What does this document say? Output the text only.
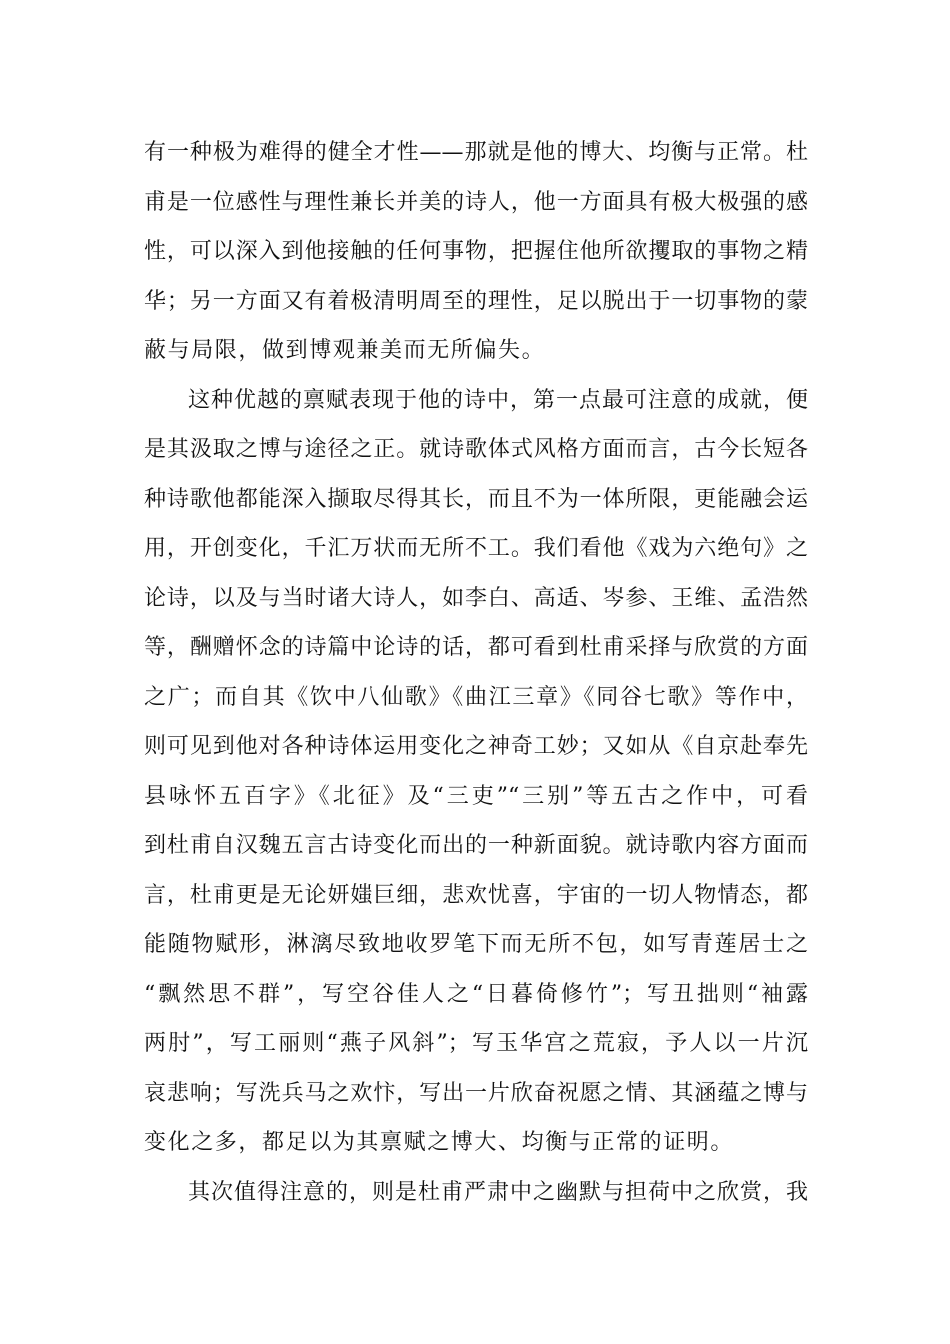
有一种极为难得的健全才性——那就是他的博大、均衡与正常。杜
甫是一位感性与理性兼长并美的诗人，他一方面具有极大极强的感
性，可以深入到他接触的任何事物，把握住他所欲攫取的事物之精
华；另一方面又有着极清明周至的理性，足以脱出于一切事物的蒙
蔽与局限，做到博观兼美而无所偏失。
这种优越的禀赋表现于他的诗中，第一点最可注意的成就，便
是其汲取之博与途径之正。就诗歌体式风格方面而言，古今长短各
种诗歌他都能深入撷取尽得其长，而且不为一体所限，更能融会运
用，开创变化，千汇万状而无所不工。我们看他《戏为六绝句》之
论诗，以及与当时诸大诗人，如李白、高适、岑参、王维、孟浩然
等，酬赠怀念的诗篇中论诗的话，都可看到杜甫采择与欣赏的方面
之广；而自其《饮中八仙歌》《曲江三章》《同谷七歌》等作中，
则可见到他对各种诗体运用变化之神奇工妙；又如从《自京赴奉先
县咏怀五百字》《北征》及“三吏”“三别”等五古之作中，可看
到杜甫自汉魏五言古诗变化而出的一种新面貌。就诗歌内容方面而
言，杜甫更是无论妍媸巨细，悲欢忧喜，宇宙的一切人物情态，都
能随物赋形，淋漓尽致地收罗笔下而无所不包，如写青莲居士之
“飘然思不群”，写空谷佳人之“日暮倚修竹”；写丑拙则“袖露
两肘”，写工丽则“燕子风斜”；写玉华宫之荒寂，予人以一片沉
哀悲响；写洗兵马之欢忭，写出一片欣奋祝愿之情、其涵蕴之博与
变化之多，都足以为其禀赋之博大、均衡与正常的证明。
其次值得注意的，则是杜甫严肃中之幽默与担荷中之欣赏，我
